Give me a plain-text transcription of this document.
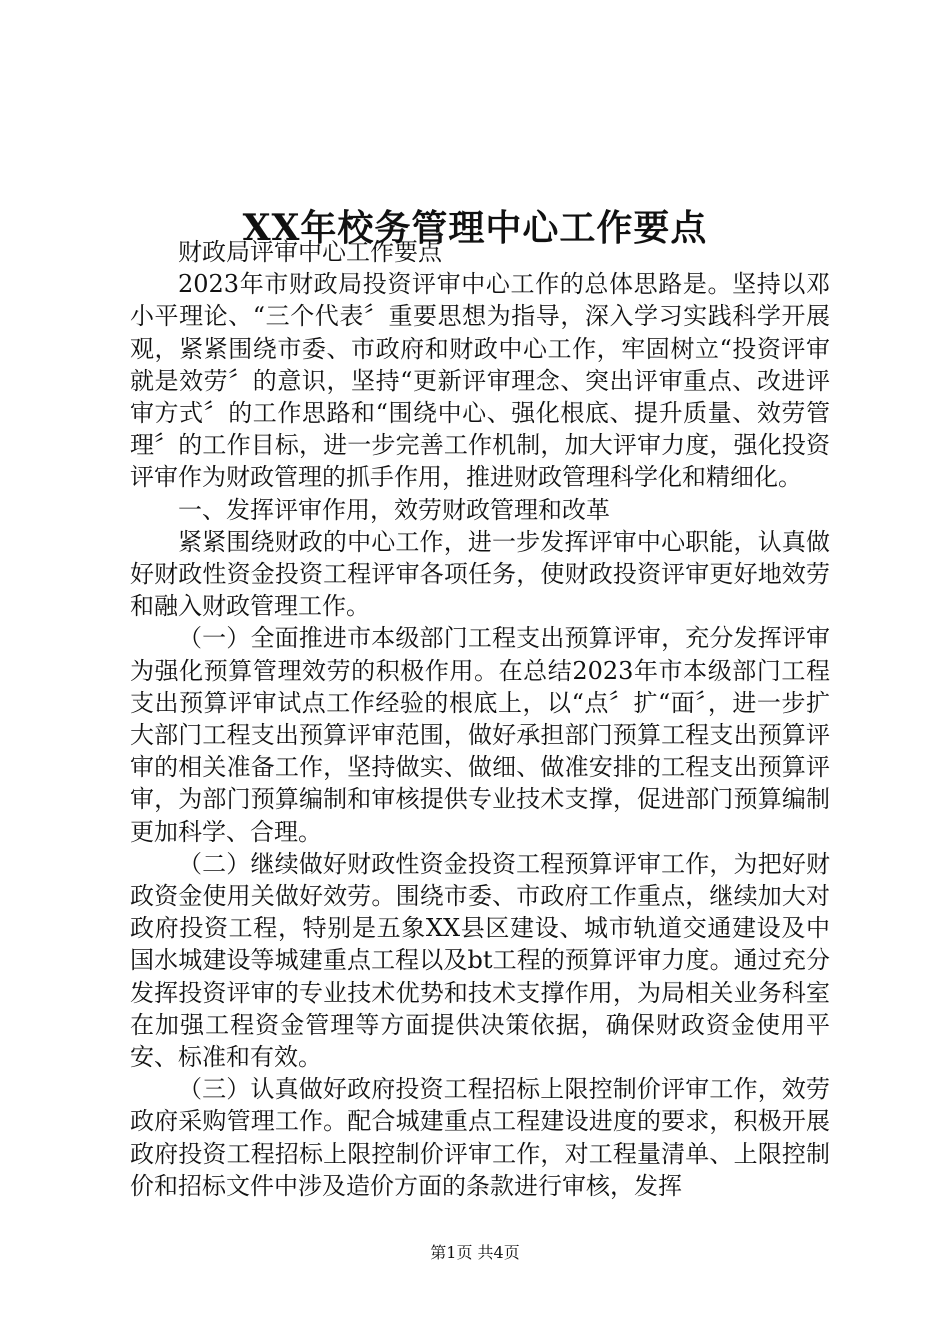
XX年校务管理中心工作要点

财政局评审中心工作要点

2023年市财政局投资评审中心工作的总体思路是。坚持以邓小平理论、“三个代表〞重要思想为指导，深入学习实践科学开展观，紧紧围绕市委、市政府和财政中心工作，牢固树立“投资评审就是效劳〞的意识，坚持“更新评审理念、突出评审重点、改进评审方式〞的工作思路和“围绕中心、强化根底、提升质量、效劳管理〞的工作目标，进一步完善工作机制，加大评审力度，强化投资评审作为财政管理的抓手作用，推进财政管理科学化和精细化。

一、发挥评审作用，效劳财政管理和改革

紧紧围绕财政的中心工作，进一步发挥评审中心职能，认真做好财政性资金投资工程评审各项任务，使财政投资评审更好地效劳和融入财政管理工作。

（一）全面推进市本级部门工程支出预算评审，充分发挥评审为强化预算管理效劳的积极作用。在总结2023年市本级部门工程支出预算评审试点工作经验的根底上，以“点〞扩“面〞，进一步扩大部门工程支出预算评审范围，做好承担部门预算工程支出预算评审的相关准备工作，坚持做实、做细、做准安排的工程支出预算评审，为部门预算编制和审核提供专业技术支撑，促进部门预算编制更加科学、合理。

（二）继续做好财政性资金投资工程预算评审工作，为把好财政资金使用关做好效劳。围绕市委、市政府工作重点，继续加大对政府投资工程，特别是五象XX县区建设、城市轨道交通建设及中国水城建设等城建重点工程以及bt工程的预算评审力度。通过充分发挥投资评审的专业技术优势和技术支撑作用，为局相关业务科室在加强工程资金管理等方面提供决策依据，确保财政资金使用平安、标准和有效。

（三）认真做好政府投资工程招标上限控制价评审工作，效劳政府采购管理工作。配合城建重点工程建设进度的要求，积极开展政府投资工程招标上限控制价评审工作，对工程量清单、上限控制价和招标文件中涉及造价方面的条款进行审核，发挥

第1页 共4页
